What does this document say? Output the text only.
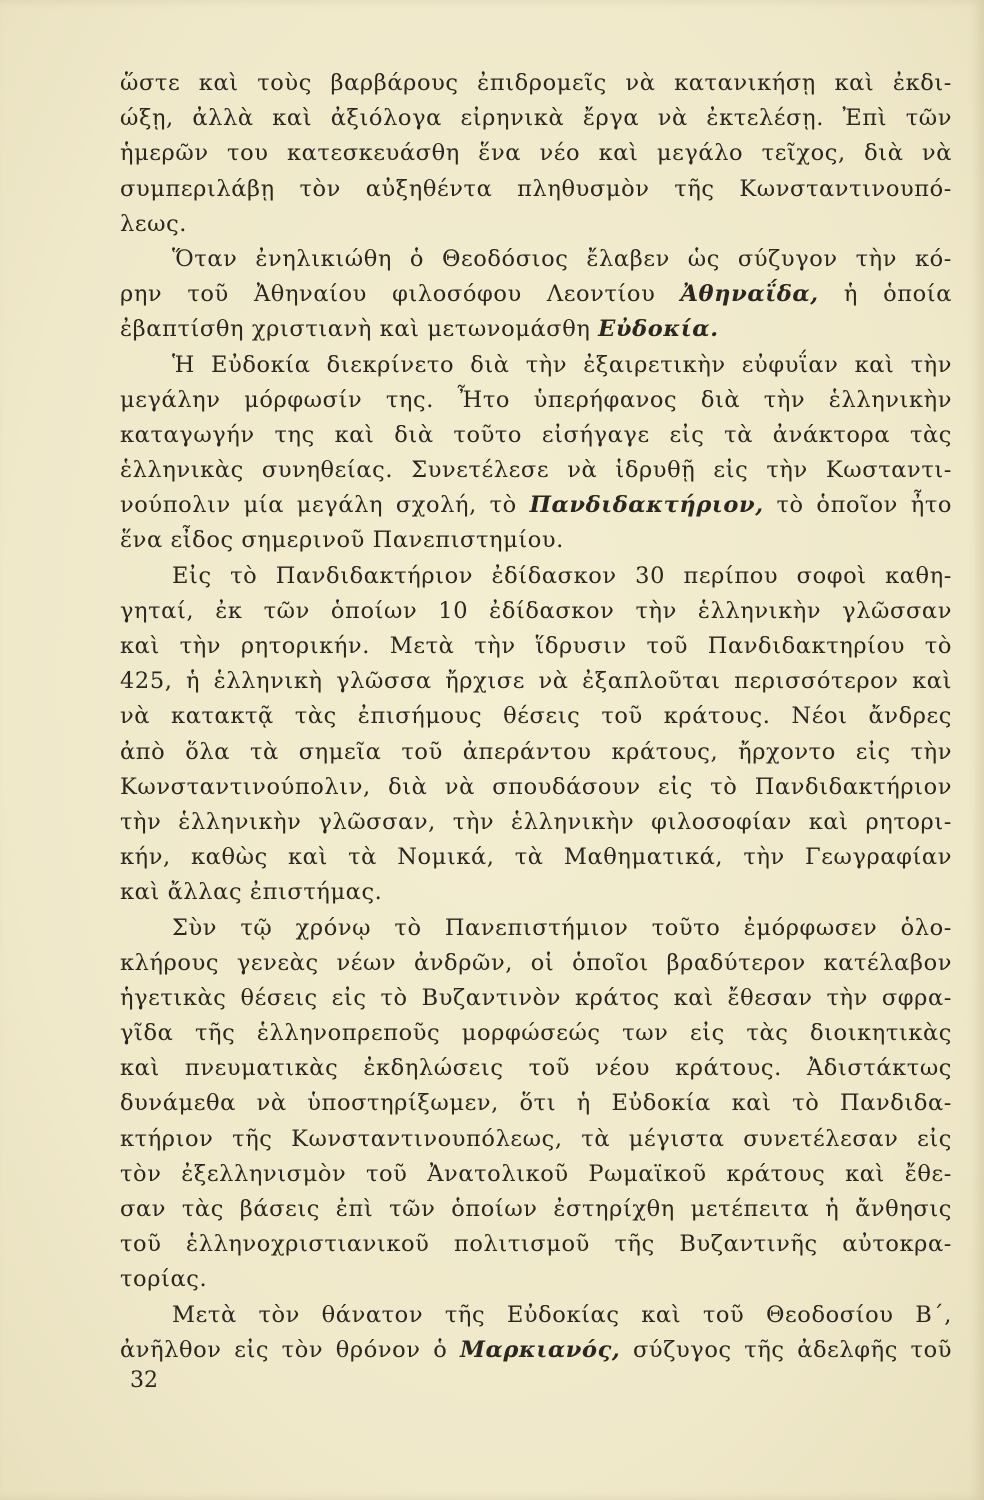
ὥστε καὶ τοὺς βαρβάρους ἐπιδρομεῖς νὰ κατανικήσῃ καὶ ἐκδι-
ώξῃ, ἀλλὰ καὶ ἀξιόλογα εἰρηνικὰ ἔργα νὰ ἐκτελέσῃ. Ἐπὶ τῶν
ἡμερῶν του κατεσκευάσθη ἕνα νέο καὶ μεγάλο τεῖχος, διὰ νὰ
συμπεριλάβῃ τὸν αὐξηθέντα πληθυσμὸν τῆς Κωνσταντινουπό-
λεως.
Ὅταν ἐνηλικιώθη ὁ Θεοδόσιος ἔλαβεν ὡς σύζυγον τὴν κό-
ρην τοῦ Ἀθηναίου φιλοσόφου Λεοντίου Ἀθηναΐδα, ἡ ὁποία
ἐβαπτίσθη χριστιανὴ καὶ μετωνομάσθη Εὐδοκία.
Ἡ Εὐδοκία διεκρίνετο διὰ τὴν ἐξαιρετικὴν εὐφυΐαν καὶ τὴν
μεγάλην μόρφωσίν της. Ἦτο ὑπερήφανος διὰ τὴν ἑλληνικὴν
καταγωγήν της καὶ διὰ τοῦτο εἰσήγαγε εἰς τὰ ἀνάκτορα τὰς
ἑλληνικὰς συνηθείας. Συνετέλεσε νὰ ἱδρυθῇ εἰς τὴν Κωσταντι-
νούπολιν μία μεγάλη σχολή, τὸ Πανδιδακτήριον, τὸ ὁποῖον ἦτο
ἕνα εἶδος σημερινοῦ Πανεπιστημίου.
Εἰς τὸ Πανδιδακτήριον ἐδίδασκον 30 περίπου σοφοὶ καθη-
γηταί, ἐκ τῶν ὁποίων 10 ἐδίδασκον τὴν ἑλληνικὴν γλῶσσαν
καὶ τὴν ρητορικήν. Μετὰ τὴν ἵδρυσιν τοῦ Πανδιδακτηρίου τὸ
425, ἡ ἑλληνικὴ γλῶσσα ἤρχισε νὰ ἐξαπλοῦται περισσότερον καὶ
νὰ κατακτᾷ τὰς ἐπισήμους θέσεις τοῦ κράτους. Νέοι ἄνδρες
ἀπὸ ὅλα τὰ σημεῖα τοῦ ἀπεράντου κράτους, ἤρχοντο εἰς τὴν
Κωνσταντινούπολιν, διὰ νὰ σπουδάσουν εἰς τὸ Πανδιδακτήριον
τὴν ἑλληνικὴν γλῶσσαν, τὴν ἑλληνικὴν φιλοσοφίαν καὶ ρητορι-
κήν, καθὼς καὶ τὰ Νομικά, τὰ Μαθηματικά, τὴν Γεωγραφίαν
καὶ ἄλλας ἐπιστήμας.
Σὺν τῷ χρόνῳ τὸ Πανεπιστήμιον τοῦτο ἐμόρφωσεν ὁλο-
κλήρους γενεὰς νέων ἀνδρῶν, οἱ ὁποῖοι βραδύτερον κατέλαβον
ἡγετικὰς θέσεις εἰς τὸ Βυζαντινὸν κράτος καὶ ἔθεσαν τὴν σφρα-
γῖδα τῆς ἑλληνοπρεποῦς μορφώσεώς των εἰς τὰς διοικητικὰς
καὶ πνευματικὰς ἐκδηλώσεις τοῦ νέου κράτους. Ἀδιστάκτως
δυνάμεθα νὰ ὑποστηρίξωμεν, ὅτι ἡ Εὐδοκία καὶ τὸ Πανδιδα-
κτήριον τῆς Κωνσταντινουπόλεως, τὰ μέγιστα συνετέλεσαν εἰς
τὸν ἐξελληνισμὸν τοῦ Ἀνατολικοῦ Ρωμαϊκοῦ κράτους καὶ ἔθε-
σαν τὰς βάσεις ἐπὶ τῶν ὁποίων ἐστηρίχθη μετέπειτα ἡ ἄνθησις
τοῦ ἑλληνοχριστιανικοῦ πολιτισμοῦ τῆς Βυζαντινῆς αὐτοκρα-
τορίας.
Μετὰ τὸν θάνατον τῆς Εὐδοκίας καὶ τοῦ Θεοδοσίου Β΄,
ἀνῆλθον εἰς τὸν θρόνον ὁ Μαρκιανός, σύζυγος τῆς ἀδελφῆς τοῦ
32
